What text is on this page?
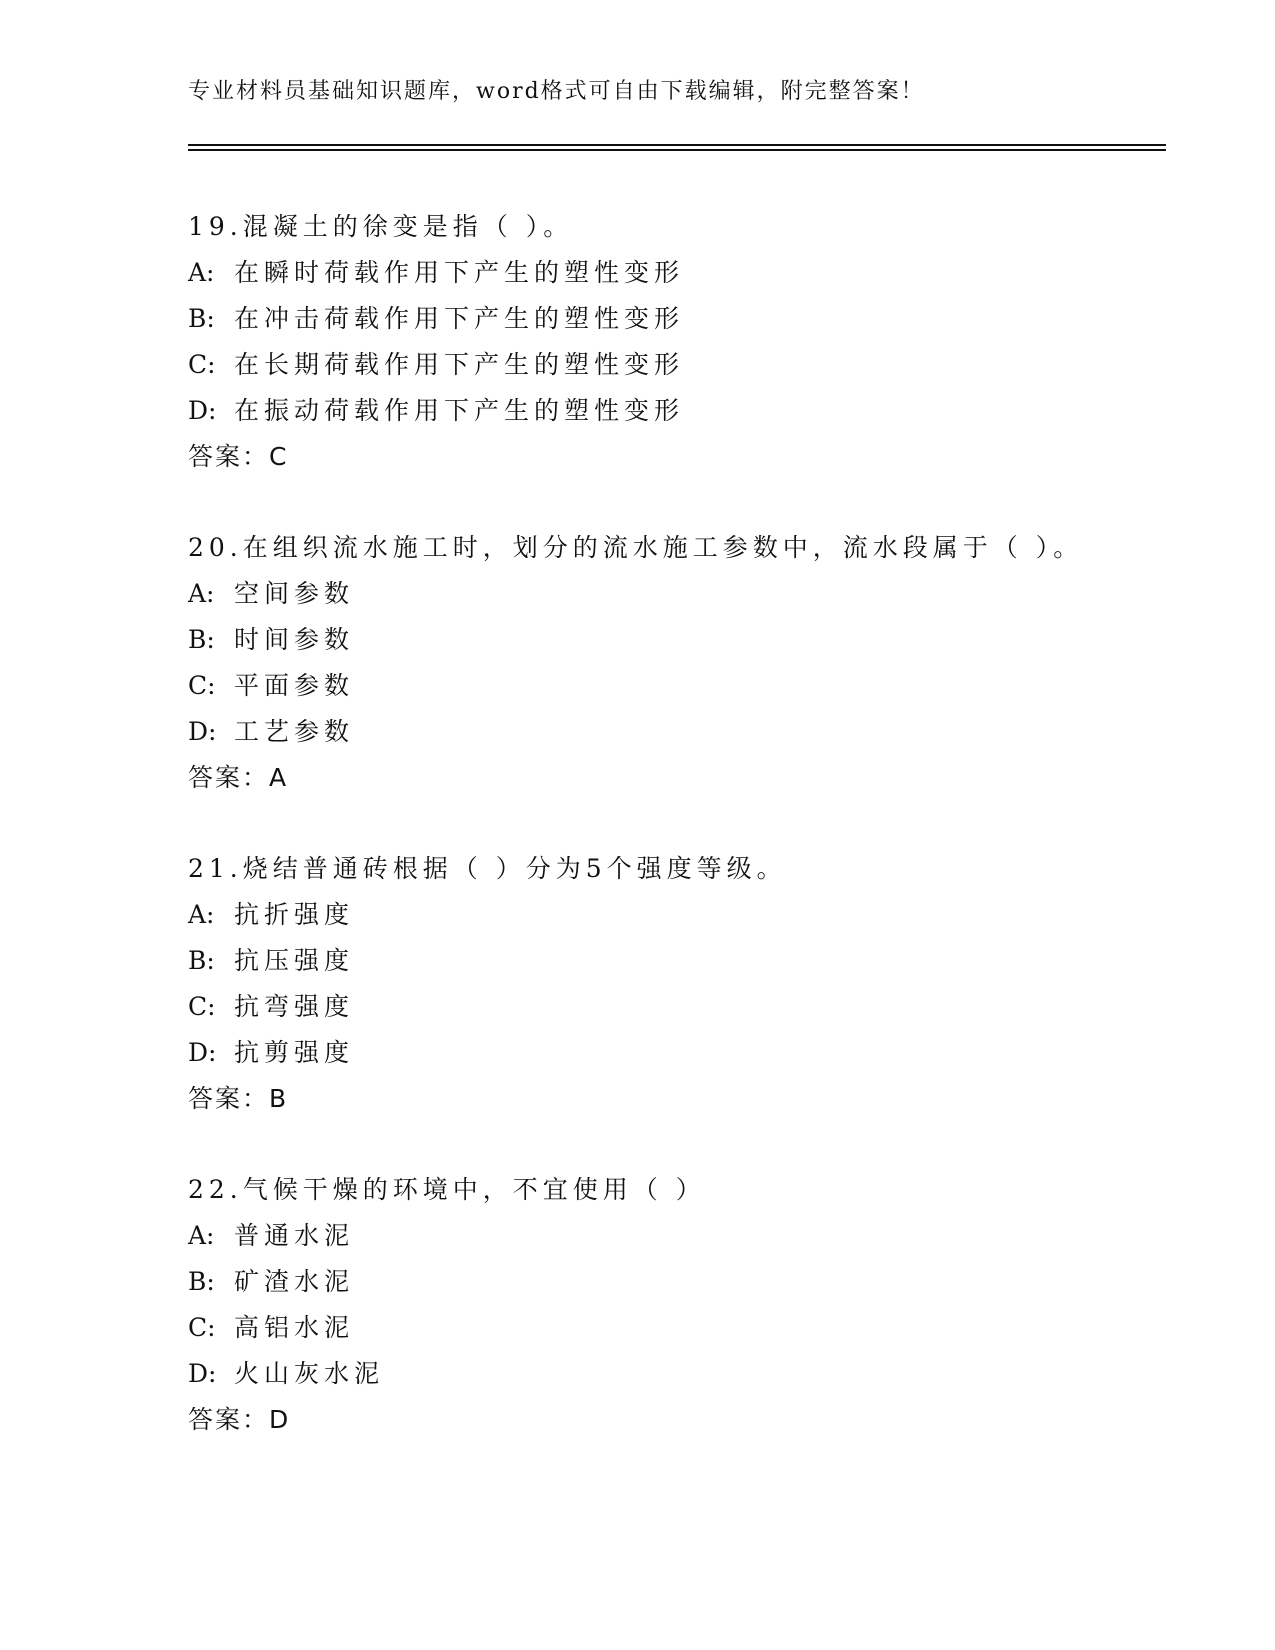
专业材料员基础知识题库，word格式可自由下载编辑，附完整答案！
19.混凝土的徐变是指（ ）。
A: 在瞬时荷载作用下产生的塑性变形
B: 在冲击荷载作用下产生的塑性变形
C: 在长期荷载作用下产生的塑性变形
D: 在振动荷载作用下产生的塑性变形
答案：C
20.在组织流水施工时，划分的流水施工参数中，流水段属于（ ）。
A: 空间参数
B: 时间参数
C: 平面参数
D: 工艺参数
答案：A
21.烧结普通砖根据（ ）分为5个强度等级。
A: 抗折强度
B: 抗压强度
C: 抗弯强度
D: 抗剪强度
答案：B
22.气候干燥的环境中，不宜使用（ ）
A: 普通水泥
B: 矿渣水泥
C: 高铝水泥
D: 火山灰水泥
答案：D
